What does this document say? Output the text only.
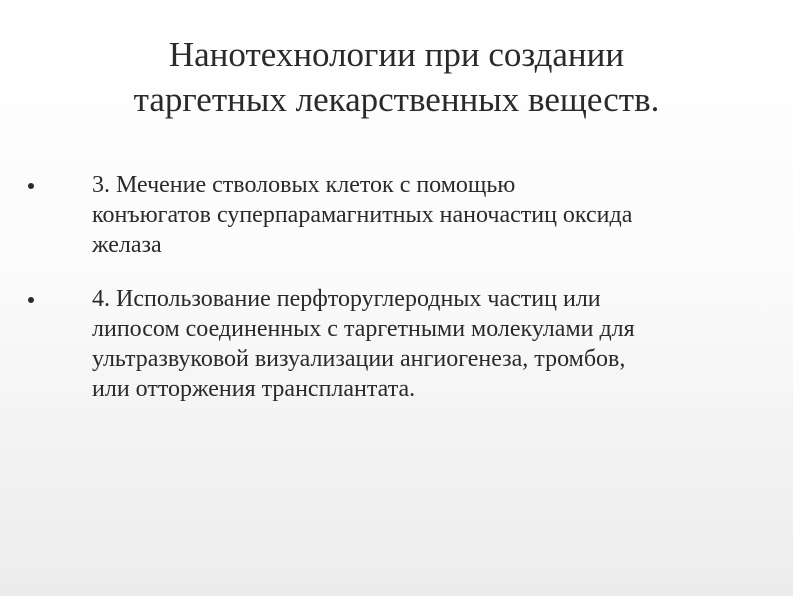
Нанотехнологии при создании
таргетных лекарственных веществ.
3. Мечение стволовых клеток с помощью
конъюгатов суперпарамагнитных наночастиц оксида
желаза
4. Использование перфторуглеродных частиц или
липосом соединенных с таргетными молекулами для
ультразвуковой визуализации ангиогенеза, тромбов,
или отторжения трансплантата.
